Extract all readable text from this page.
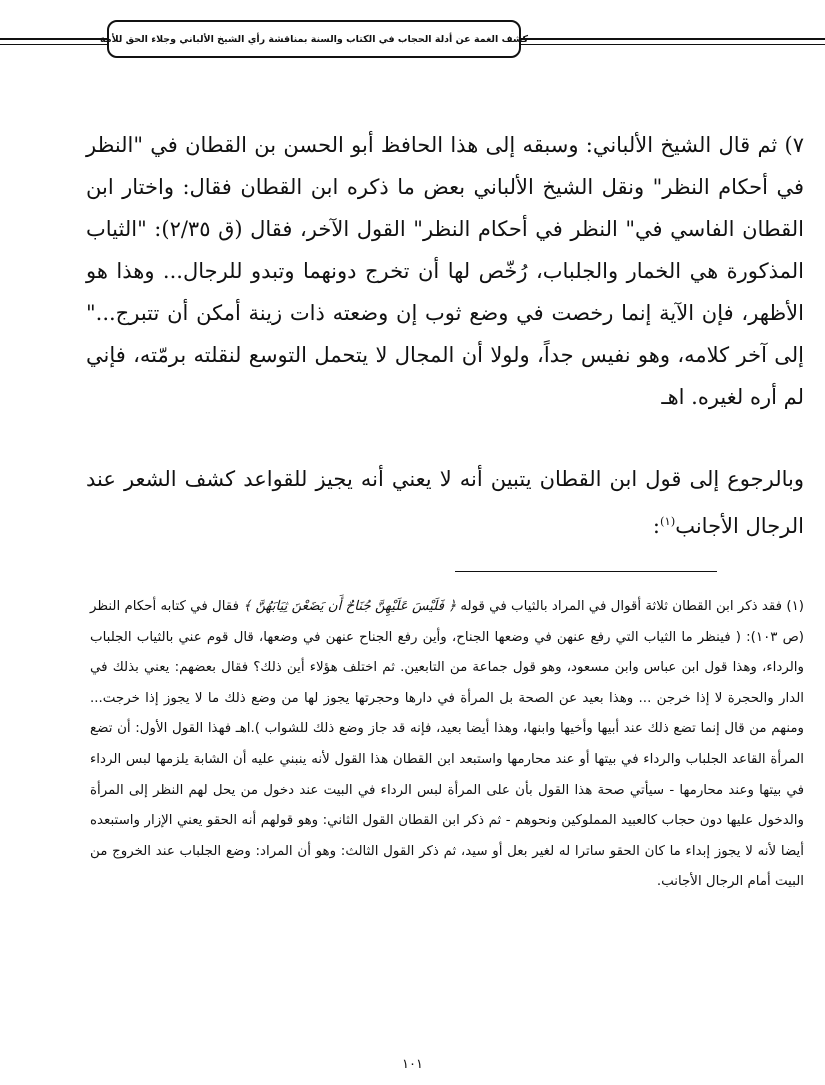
كشف الغمة عن أدلة الحجاب في الكتاب والسنة بمناقشة رأي الشيخ الألباني وجلاء الحق للأمة

٧) ثم قال الشيخ الألباني: وسبقه إلى هذا الحافظ أبو الحسن بن القطان في "النظر في أحكام النظر" ونقل الشيخ الألباني بعض ما ذكره ابن القطان فقال: واختار ابن القطان الفاسي في" النظر في أحكام النظر" القول الآخر، فقال (ق ٢/٣٥): "الثياب المذكورة هي الخمار والجلباب، رُخّص لها أن تخرج دونهما وتبدو للرجال... وهذا هو الأظهر، فإن الآية إنما رخصت في وضع ثوب إن وضعته ذات زينة أمكن أن تتبرج..." إلى آخر كلامه، وهو نفيس جداً، ولولا أن المجال لا يتحمل التوسع لنقلته برمّته، فإني لم أره لغيره. اهـ

وبالرجوع إلى قول ابن القطان يتبين أنه لا يعني أنه يجيز للقواعد كشف الشعر عند الرجال الأجانب$^{(١)}$:

(١) فقد ذكر ابن القطان ثلاثة أقوال في المراد بالثياب في قوله ﴿ فَلَيْسَ عَلَيْهِنَّ جُنَاحٌ أَن يَضَعْنَ ثِيَابَهُنَّ ﴾ فقال في كتابه أحكام النظر (ص ١٠٣): ( فينظر ما الثياب التي رفع عنهن في وضعها الجناح، وأين رفع الجناح عنهن في وضعها، قال قوم عني بالثياب الجلباب والرداء، وهذا قول ابن عباس وابن مسعود، وهو قول جماعة من التابعين. ثم اختلف هؤلاء أين ذلك؟ فقال بعضهم: يعني بذلك في الدار والحجرة لا إذا خرجن ... وهذا بعيد عن الصحة بل المرأة في دارها وحجرتها يجوز لها من وضع ذلك ما لا يجوز إذا خرجت... ومنهم من قال إنما تضع ذلك عند أبيها وأخيها وابنها، وهذا أيضا بعيد، فإنه قد جاز وضع ذلك للشواب ).اهـ فهذا القول الأول: أن تضع المرأة القاعد الجلباب والرداء في بيتها أو عند محارمها واستبعد ابن القطان هذا القول لأنه ينبني عليه أن الشابة يلزمها لبس الرداء في بيتها وعند محارمها - سيأتي صحة هذا القول بأن على المرأة لبس الرداء في البيت عند دخول من يحل لهم النظر إلى المرأة والدخول عليها دون حجاب كالعبيد المملوكين ونحوهم - ثم ذكر ابن القطان القول الثاني: وهو قولهم أنه الحقو يعني الإزار واستبعده أيضا لأنه لا يجوز إبداء ما كان الحقو ساترا له لغير بعل أو سيد، ثم ذكر القول الثالث: وهو أن المراد: وضع الجلباب عند الخروج من البيت أمام الرجال الأجانب.

١٠١
